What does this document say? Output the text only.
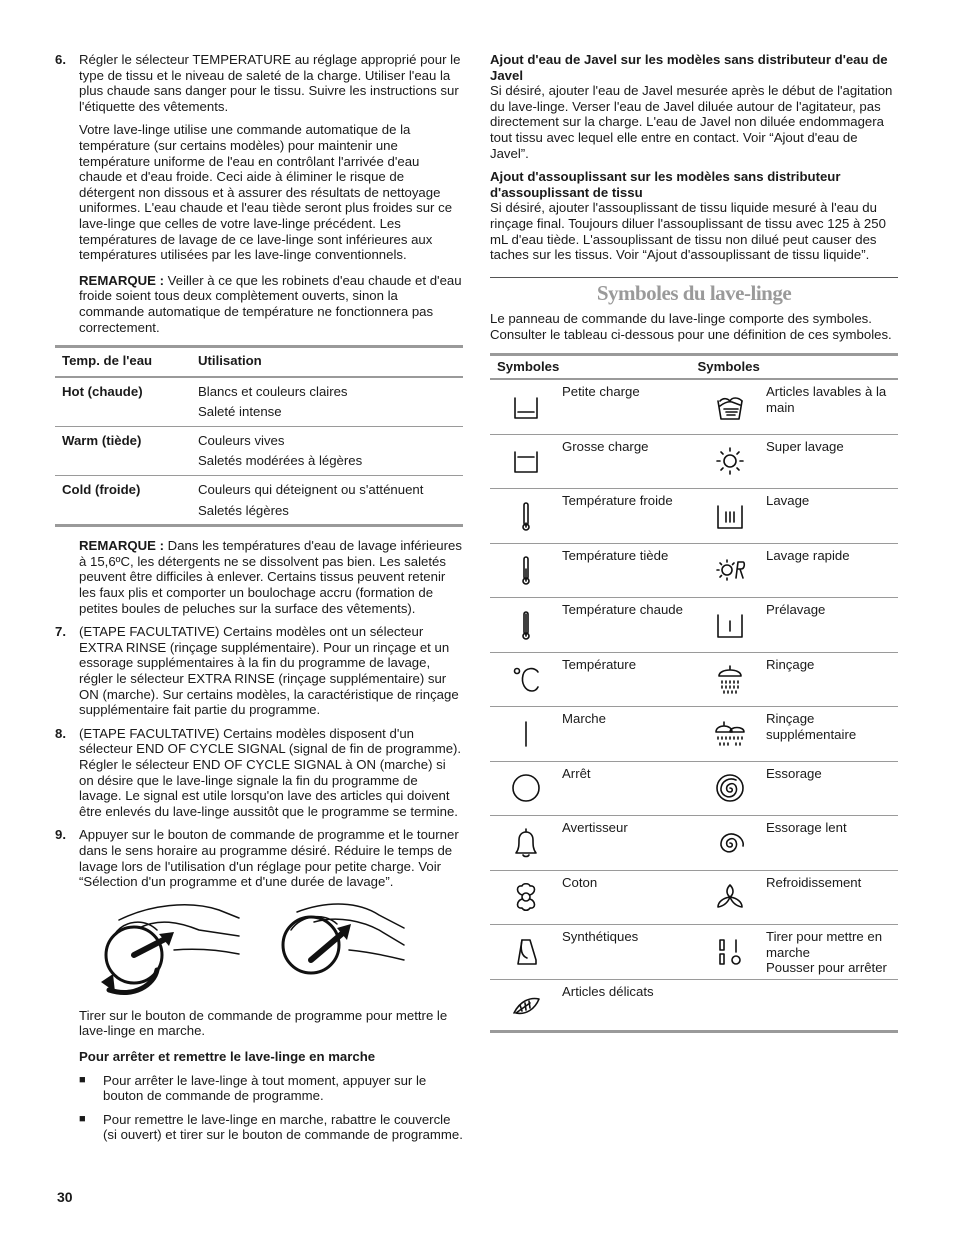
6. Régler le sélecteur TEMPERATURE au réglage approprié pour le type de tissu et le niveau de saleté de la charge. Utiliser l'eau la plus chaude sans danger pour le tissu. Suivre les instructions sur l'étiquette des vêtements.

Votre lave-linge utilise une commande automatique de la température (sur certains modèles) pour maintenir une température uniforme de l'eau en contrôlant l'arrivée d'eau chaude et d'eau froide. Ceci aide à éliminer le risque de détergent non dissous et à assurer des résultats de nettoyage uniformes. L'eau chaude et l'eau tiède seront plus froides sur ce lave-linge que celles de votre lave-linge précédent. Les températures de lavage de ce lave-linge sont inférieures aux températures utilisées par les lave-linge conventionnels.

REMARQUE : Veiller à ce que les robinets d'eau chaude et d'eau froide soient tous deux complètement ouverts, sinon la commande automatique de température ne fonctionnera pas correctement.

Temp. de l'eau	Utilisation
Hot (chaude)	Blancs et couleurs claires
Saleté intense
Warm (tiède)	Couleurs vives
Saletés modérées à légères
Cold (froide)	Couleurs qui déteignent ou s'atténuent
Saletés légères

REMARQUE : Dans les températures d'eau de lavage inférieures à 15,6ºC, les détergents ne se dissolvent pas bien. Les saletés peuvent être difficiles à enlever. Certains tissus peuvent retenir les faux plis et comporter un boulochage accru (formation de petites boules de peluches sur la surface des vêtements).

7. (ETAPE FACULTATIVE) Certains modèles ont un sélecteur EXTRA RINSE (rinçage supplémentaire). Pour un rinçage et un essorage supplémentaires à la fin du programme de lavage, régler le sélecteur EXTRA RINSE (rinçage supplémentaire) sur ON (marche). Sur certains modèles, la caractéristique de rinçage supplémentaire fait partie du programme.

8. (ETAPE FACULTATIVE) Certains modèles disposent d'un sélecteur END OF CYCLE SIGNAL (signal de fin de programme). Régler le sélecteur END OF CYCLE SIGNAL à ON (marche) si on désire que le lave-linge signale la fin du programme de lavage. Le signal est utile lorsqu'on lave des articles qui doivent être enlevés du lave-linge aussitôt que le programme se termine.

9. Appuyer sur le bouton de commande de programme et le tourner dans le sens horaire au programme désiré. Réduire le temps de lavage lors de l'utilisation d'un réglage pour petite charge. Voir “Sélection d'un programme et d'une durée de lavage”.

Tirer sur le bouton de commande de programme pour mettre le lave-linge en marche.

Pour arrêter et remettre le lave-linge en marche

■	Pour arrêter le lave-linge à tout moment, appuyer sur le bouton de commande de programme.

■	Pour remettre le lave-linge en marche, rabattre le couvercle (si ouvert) et tirer sur le bouton de commande de programme.

30
Ajout d'eau de Javel sur les modèles sans distributeur d'eau de Javel

Si désiré, ajouter l'eau de Javel mesurée après le début de l'agitation du lave-linge. Verser l'eau de Javel diluée autour de l'agitateur, pas directement sur la charge. L'eau de Javel non diluée endommagera tout tissu avec lequel elle entre en contact. Voir “Ajout d'eau de Javel”.

Ajout d'assouplissant sur les modèles sans distributeur d'assouplissant de tissu

Si désiré, ajouter l'assouplissant de tissu liquide mesuré à l'eau du rinçage final. Toujours diluer l'assouplissant de tissu avec 125 à 250 mL d'eau tiède. L'assouplissant de tissu non dilué peut causer des taches sur les tissus. Voir “Ajout d'assouplissant de tissu liquide”.

Symboles du lave-linge

Le panneau de commande du lave-linge comporte des symboles. Consulter le tableau ci-dessous pour une définition de ces symboles.

Symboles	Symboles
Petite charge	Articles lavables à la main
Grosse charge	Super lavage
Température froide	Lavage
Température tiède	Lavage rapide
Température chaude	Prélavage
Température	Rinçage
Marche	Rinçage supplémentaire
Arrêt	Essorage
Avertisseur	Essorage lent
Coton	Refroidissement
Synthétiques	Tirer pour mettre en marche
Pousser pour arrêter
Articles délicats
